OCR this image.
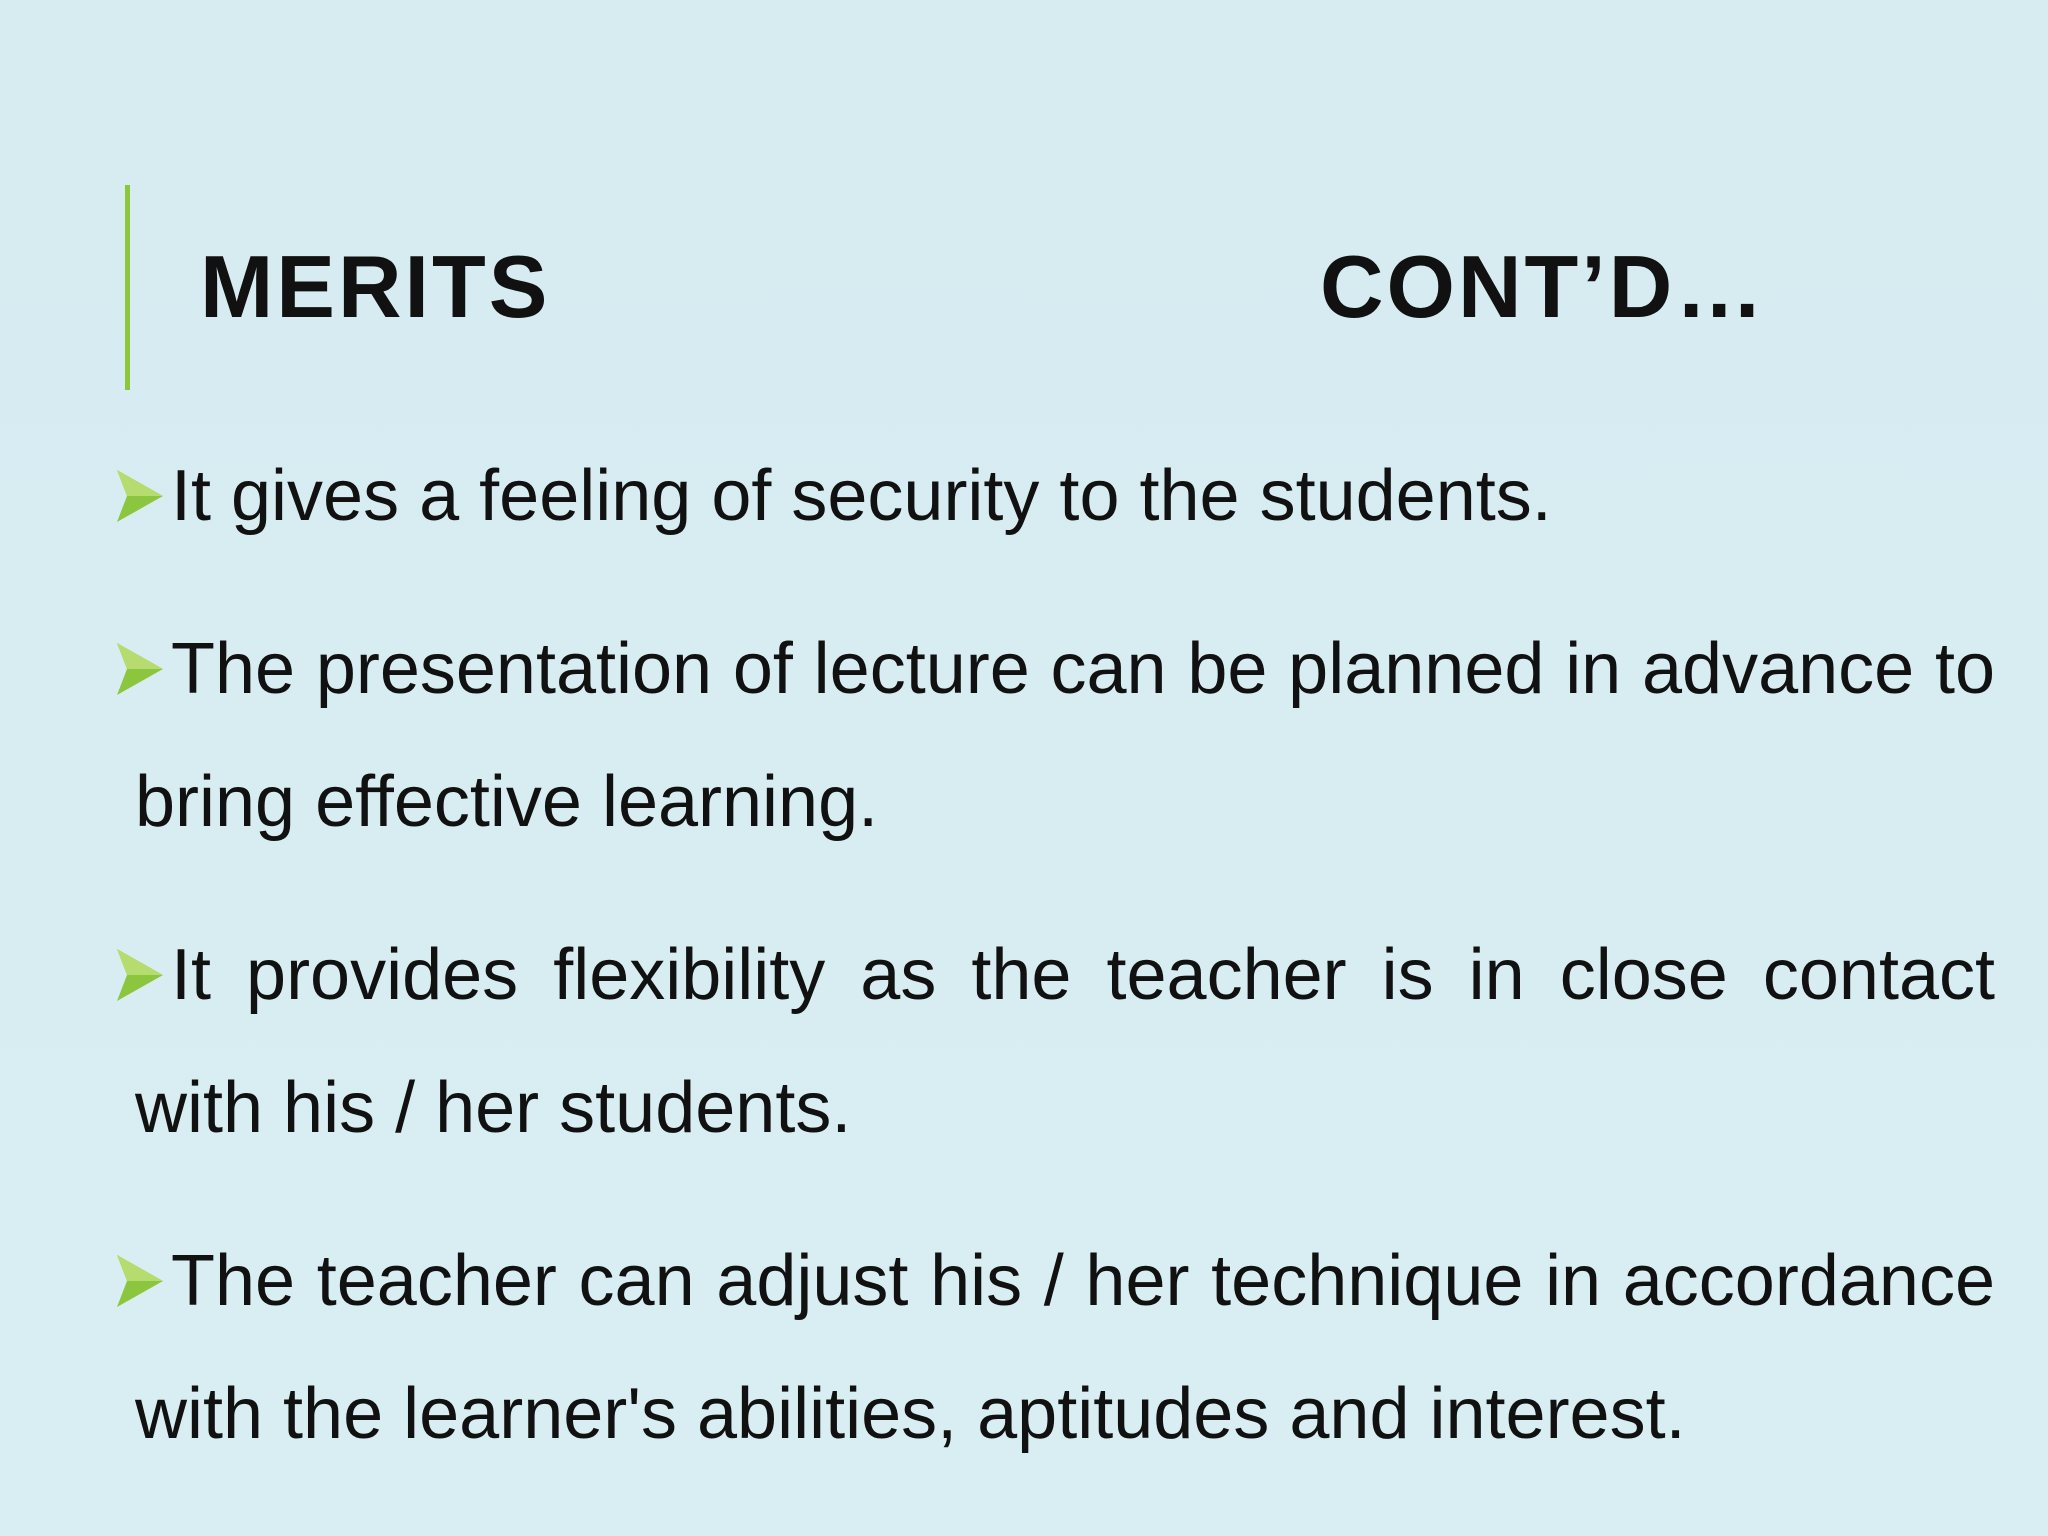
MERITS	CONT’D…
It gives a feeling of security to the students.
The presentation of lecture can be planned in advance to bring effective learning.
It provides flexibility as the teacher is in close contact with his / her students.
The teacher can adjust his / her technique in accordance with the learner's abilities, aptitudes and interest.
